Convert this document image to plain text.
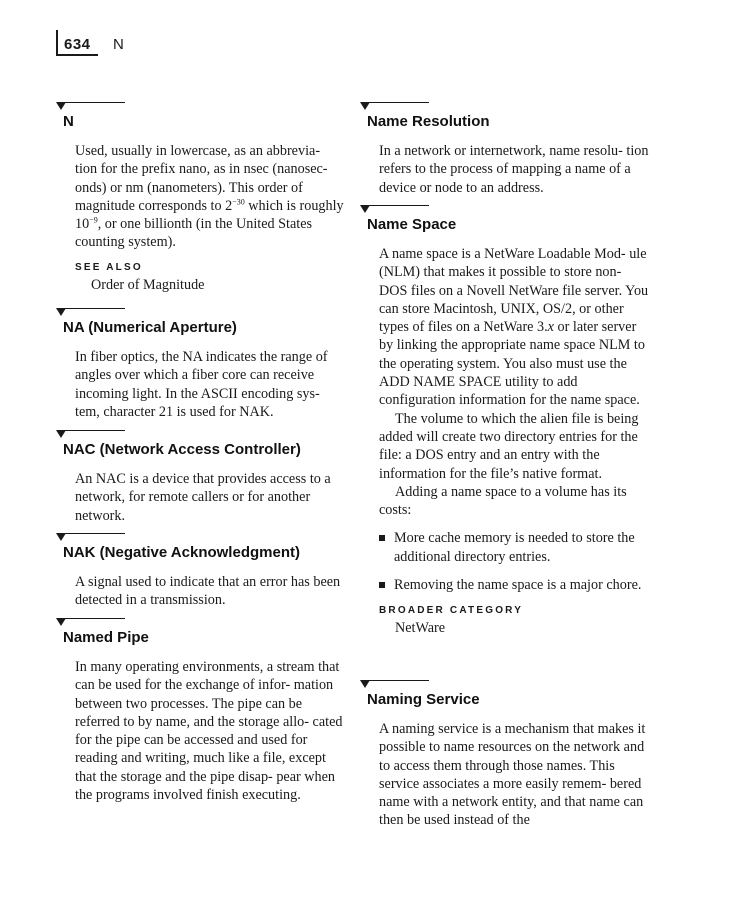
634 N
N

Used, usually in lowercase, as an abbrevia- tion for the prefix nano, as in nsec (nanosec- onds) or nm (nanometers). This order of magnitude corresponds to $2^{-30}$ which is roughly $10^{-9}$, or one billionth (in the United States counting system).

SEE ALSO
Order of Magnitude
NA (Numerical Aperture)

In fiber optics, the NA indicates the range of angles over which a fiber core can receive incoming light. In the ASCII encoding sys- tem, character 21 is used for NAK.

NAC (Network Access Controller)

An NAC is a device that provides access to a network, for remote callers or for another network.

NAK (Negative Acknowledgment)

A signal used to indicate that an error has been detected in a transmission.

Named Pipe

In many operating environments, a stream that can be used for the exchange of infor- mation between two processes. The pipe can be referred to by name, and the storage allo- cated for the pipe can be accessed and used for reading and writing, much like a file, except that the storage and the pipe disap- pear when the programs involved finish executing.

Name Resolution

In a network or internetwork, name resolu- tion refers to the process of mapping a name of a device or node to an address.

Name Space

A name space is a NetWare Loadable Mod- ule (NLM) that makes it possible to store non-DOS files on a Novell NetWare file server. You can store Macintosh, UNIX, OS/2, or other types of files on a NetWare 3.x or later server by linking the appropriate name space NLM to the operating system. You also must use the ADD NAME SPACE utility to add configuration information for the name space.

The volume to which the alien file is being added will create two directory entries for the file: a DOS entry and an entry with the information for the file’s native format.

Adding a name space to a volume has its costs:

More cache memory is needed to store the additional directory entries.
Removing the name space is a major chore.
BROADER CATEGORY
NetWare
Naming Service

A naming service is a mechanism that makes it possible to name resources on the network and to access them through those names. This service associates a more easily remem- bered name with a network entity, and that name can then be used instead of the
